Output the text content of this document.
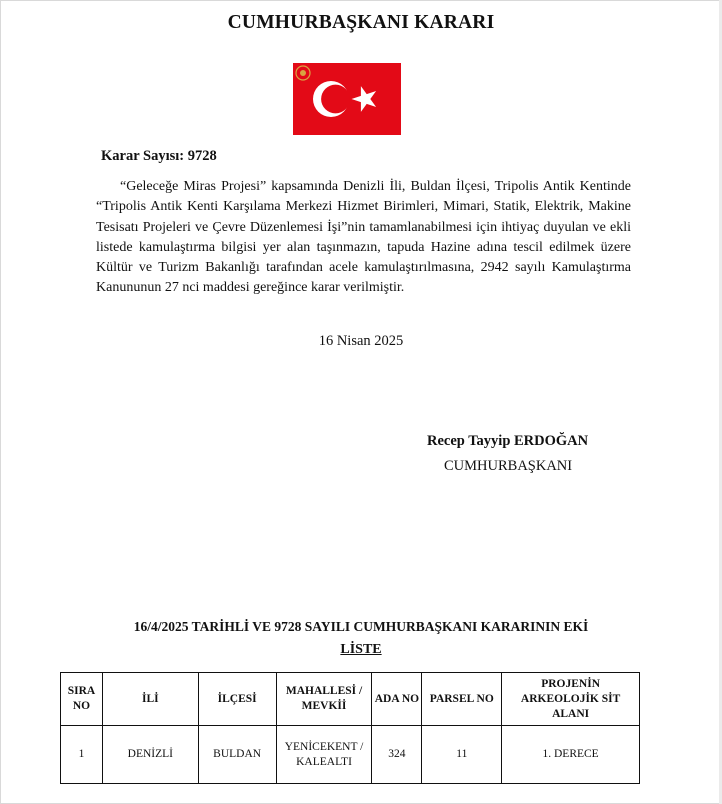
CUMHURBAŞKANI KARARI
Karar Sayısı: 9728
“Geleceğe Miras Projesi” kapsamında Denizli İli, Buldan İlçesi, Tripolis Antik Kentinde “Tripolis Antik Kenti Karşılama Merkezi Hizmet Birimleri, Mimari, Statik, Elektrik, Makine Tesisatı Projeleri ve Çevre Düzenlemesi İşi”nin tamamlanabilmesi için ihtiyaç duyulan ve ekli listede kamulaştırma bilgisi yer alan taşınmazın, tapuda Hazine adına tescil edilmek üzere Kültür ve Turizm Bakanlığı tarafından acele kamulaştırılmasına, 2942 sayılı Kamulaştırma Kanununun 27 nci maddesi gereğince karar verilmiştir.
16 Nisan 2025
Recep Tayyip ERDOĞAN
CUMHURBAŞKANI
16/4/2025 TARİHLİ VE 9728 SAYILI CUMHURBAŞKANI KARARININ EKİ
LİSTE
SIRA NO	İLİ	İLÇESİ	MAHALLESİ / MEVKİİ	ADA NO	PARSEL NO	PROJENİN ARKEOLOJİK SİT ALANI
1	DENİZLİ	BULDAN	YENİCEKENT / KALEALTI	324	11	1. DERECE
